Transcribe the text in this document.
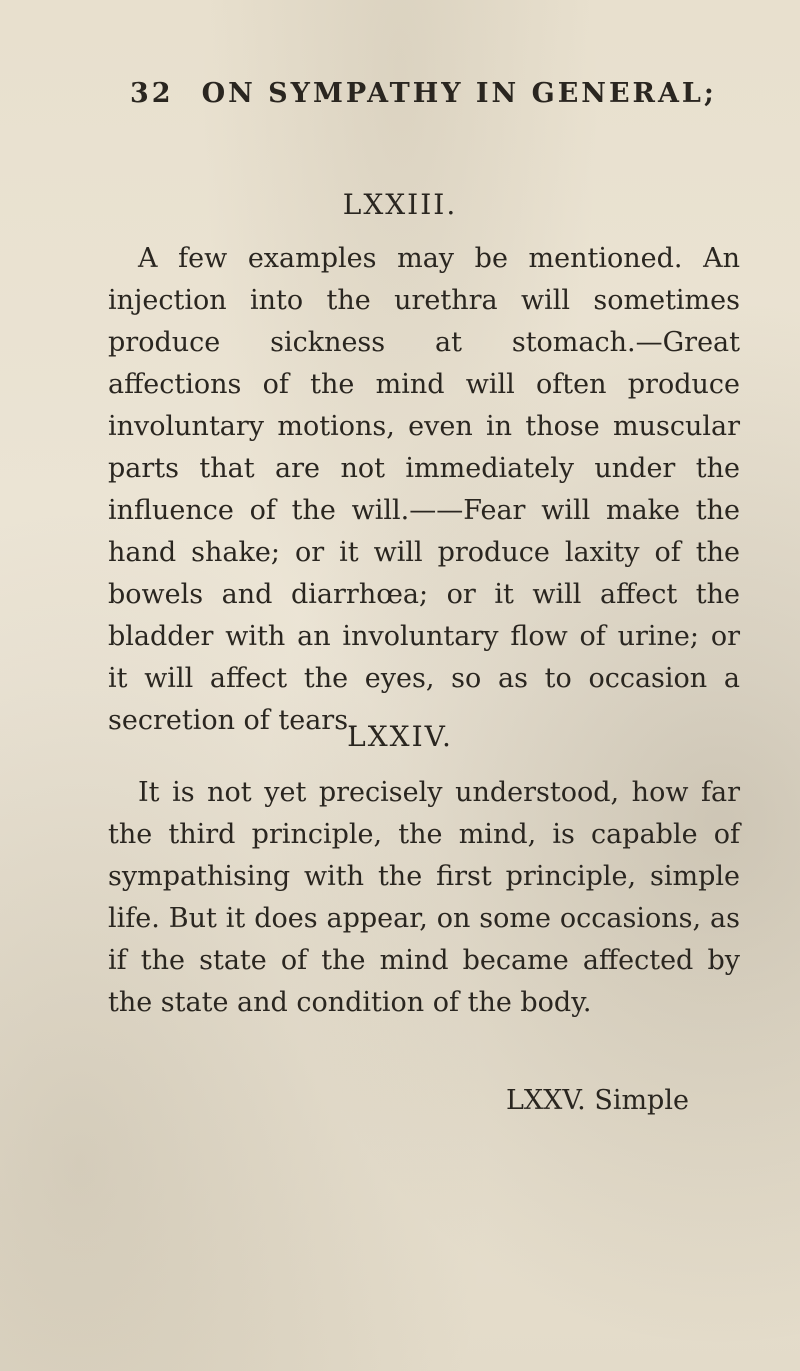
32 ON SYMPATHY IN GENERAL;
LXXIII.

A few examples may be mentioned. An injection into the urethra will sometimes produce sickness at stomach.—Great affections of the mind will often produce involuntary motions, even in those muscular parts that are not immediately under the influence of the will.——Fear will make the hand shake; or it will produce laxity of the bowels and diarrhœa; or it will affect the bladder with an involuntary flow of urine; or it will affect the eyes, so as to occasion a secretion of tears.

LXXIV.

It is not yet precisely understood, how far the third principle, the mind, is capable of sympathising with the first principle, simple life. But it does appear, on some occasions, as if the state of the mind became affected by the state and condition of the body.

LXXV. Simple
